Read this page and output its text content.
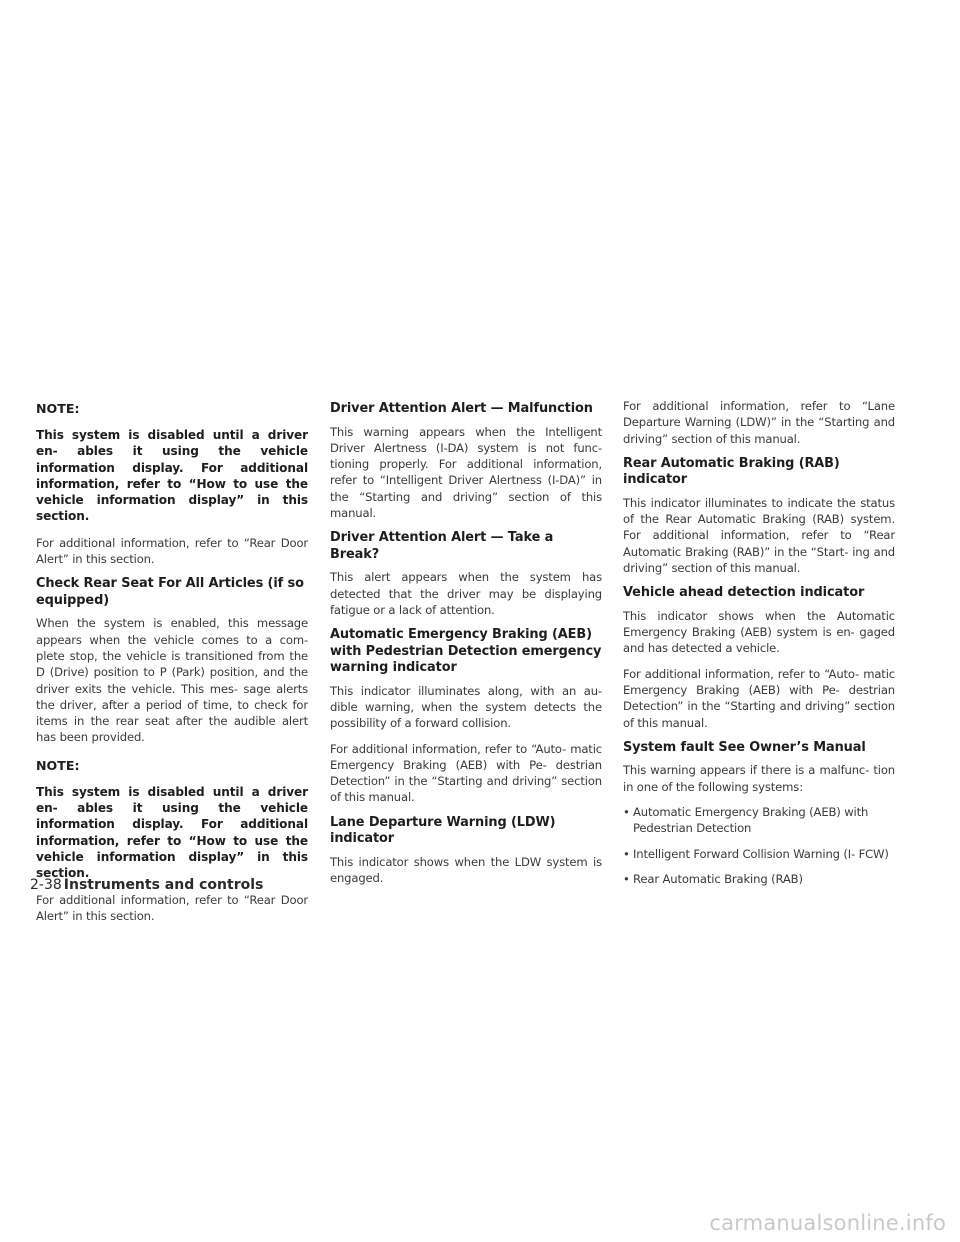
NOTE:
This system is disabled until a driver en- ables it using the vehicle information display. For additional information, refer to “How to use the vehicle information display” in this section.

For additional information, refer to “Rear Door Alert” in this section.

Check Rear Seat For All Articles (if so equipped)

When the system is enabled, this message appears when the vehicle comes to a com- plete stop, the vehicle is transitioned from the D (Drive) position to P (Park) position, and the driver exits the vehicle. This mes- sage alerts the driver, after a period of time, to check for items in the rear seat after the audible alert has been provided.

NOTE:
This system is disabled until a driver en- ables it using the vehicle information display. For additional information, refer to “How to use the vehicle information display” in this section.

For additional information, refer to “Rear Door Alert” in this section.

Driver Attention Alert — Malfunction

This warning appears when the Intelligent Driver Alertness (I-DA) system is not func- tioning properly. For additional information, refer to “Intelligent Driver Alertness (I-DA)” in the “Starting and driving” section of this manual.

Driver Attention Alert — Take a Break?

This alert appears when the system has detected that the driver may be displaying fatigue or a lack of attention.

Automatic Emergency Braking (AEB) with Pedestrian Detection emergency warning indicator

This indicator illuminates along, with an au- dible warning, when the system detects the possibility of a forward collision.

For additional information, refer to “Auto- matic Emergency Braking (AEB) with Pe- destrian Detection” in the “Starting and driving” section of this manual.

Lane Departure Warning (LDW) indicator

This indicator shows when the LDW system is engaged.

For additional information, refer to “Lane Departure Warning (LDW)” in the “Starting and driving” section of this manual.

Rear Automatic Braking (RAB) indicator

This indicator illuminates to indicate the status of the Rear Automatic Braking (RAB) system. For additional information, refer to “Rear Automatic Braking (RAB)” in the “Start- ing and driving” section of this manual.

Vehicle ahead detection indicator

This indicator shows when the Automatic Emergency Braking (AEB) system is en- gaged and has detected a vehicle.

For additional information, refer to “Auto- matic Emergency Braking (AEB) with Pe- destrian Detection” in the “Starting and driving” section of this manual.

System fault See Owner’s Manual

This warning appears if there is a malfunc- tion in one of the following systems:

• Automatic Emergency Braking (AEB) with Pedestrian Detection
• Intelligent Forward Collision Warning (I- FCW)
• Rear Automatic Braking (RAB)
2-38 Instruments and controls
carmanualsonline.info
